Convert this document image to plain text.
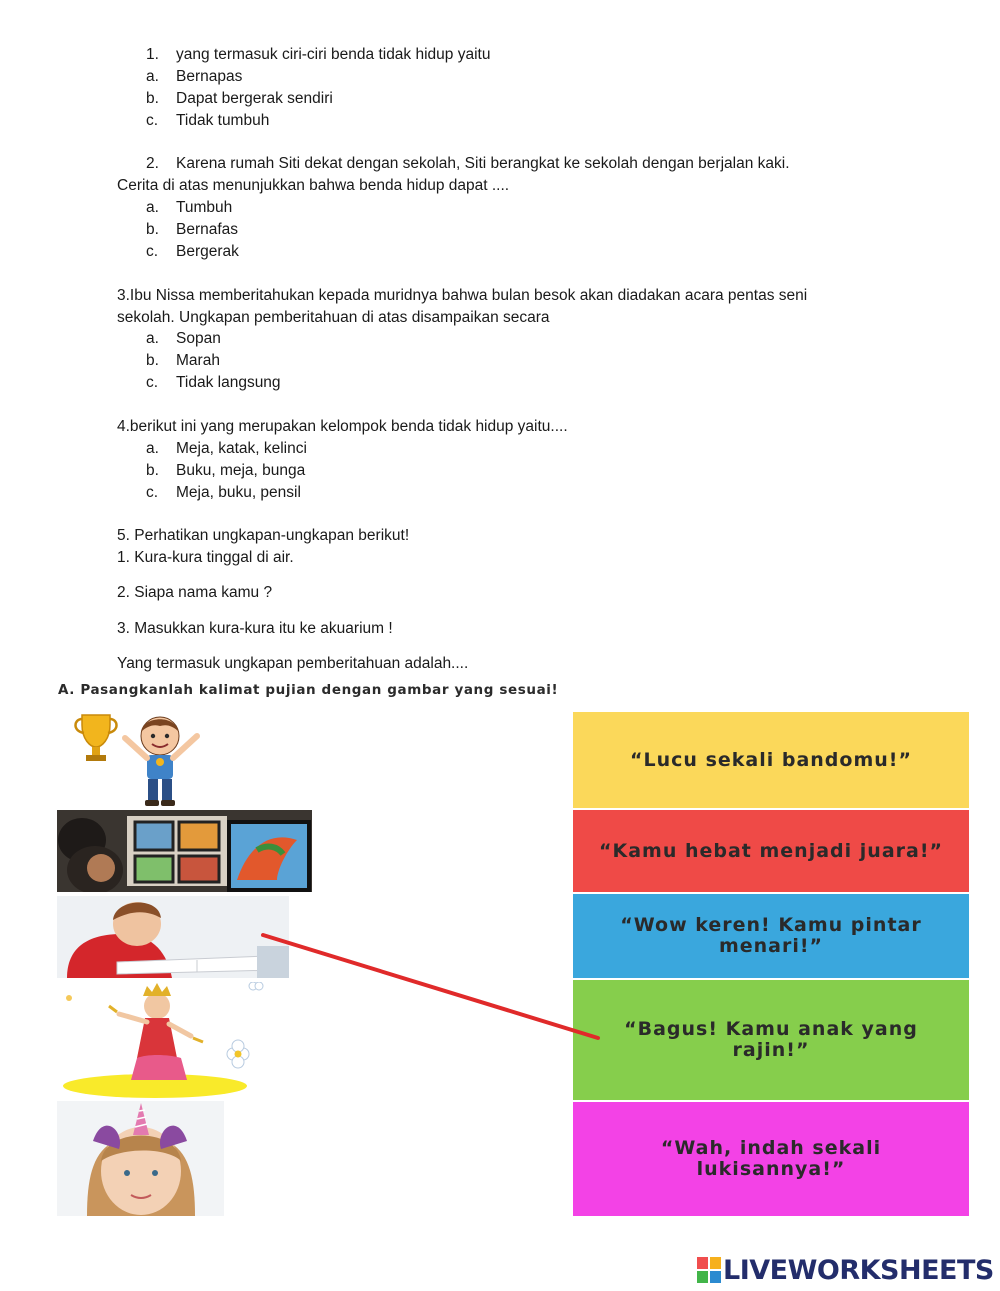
1. yang termasuk ciri-ciri benda tidak hidup yaitu
a. Bernapas
b. Dapat bergerak sendiri
c. Tidak tumbuh
2. Karena rumah Siti dekat dengan sekolah, Siti berangkat ke sekolah dengan berjalan kaki.
Cerita di atas menunjukkan bahwa benda hidup dapat ....
a. Tumbuh
b. Bernafas
c. Bergerak
3.Ibu Nissa memberitahukan kepada muridnya bahwa bulan besok akan diadakan acara pentas seni
sekolah. Ungkapan pemberitahuan di atas disampaikan secara
a. Sopan
b. Marah
c. Tidak langsung
4.berikut ini yang merupakan kelompok benda tidak hidup yaitu....
a. Meja, katak, kelinci
b. Buku, meja, bunga
c. Meja, buku, pensil
5. Perhatikan ungkapan-ungkapan berikut!
1. Kura-kura tinggal di air.
2. Siapa nama kamu ?
3. Masukkan kura-kura itu ke akuarium !
Yang termasuk ungkapan pemberitahuan adalah....
A. Pasangkanlah kalimat pujian dengan gambar yang sesuai!
“Lucu sekali bandomu!”
“Kamu hebat menjadi juara!”
“Wow keren! Kamu pintar menari!”
“Bagus! Kamu anak yang rajin!”
“Wah, indah sekali lukisannya!”
LIVEWORKSHEETS
